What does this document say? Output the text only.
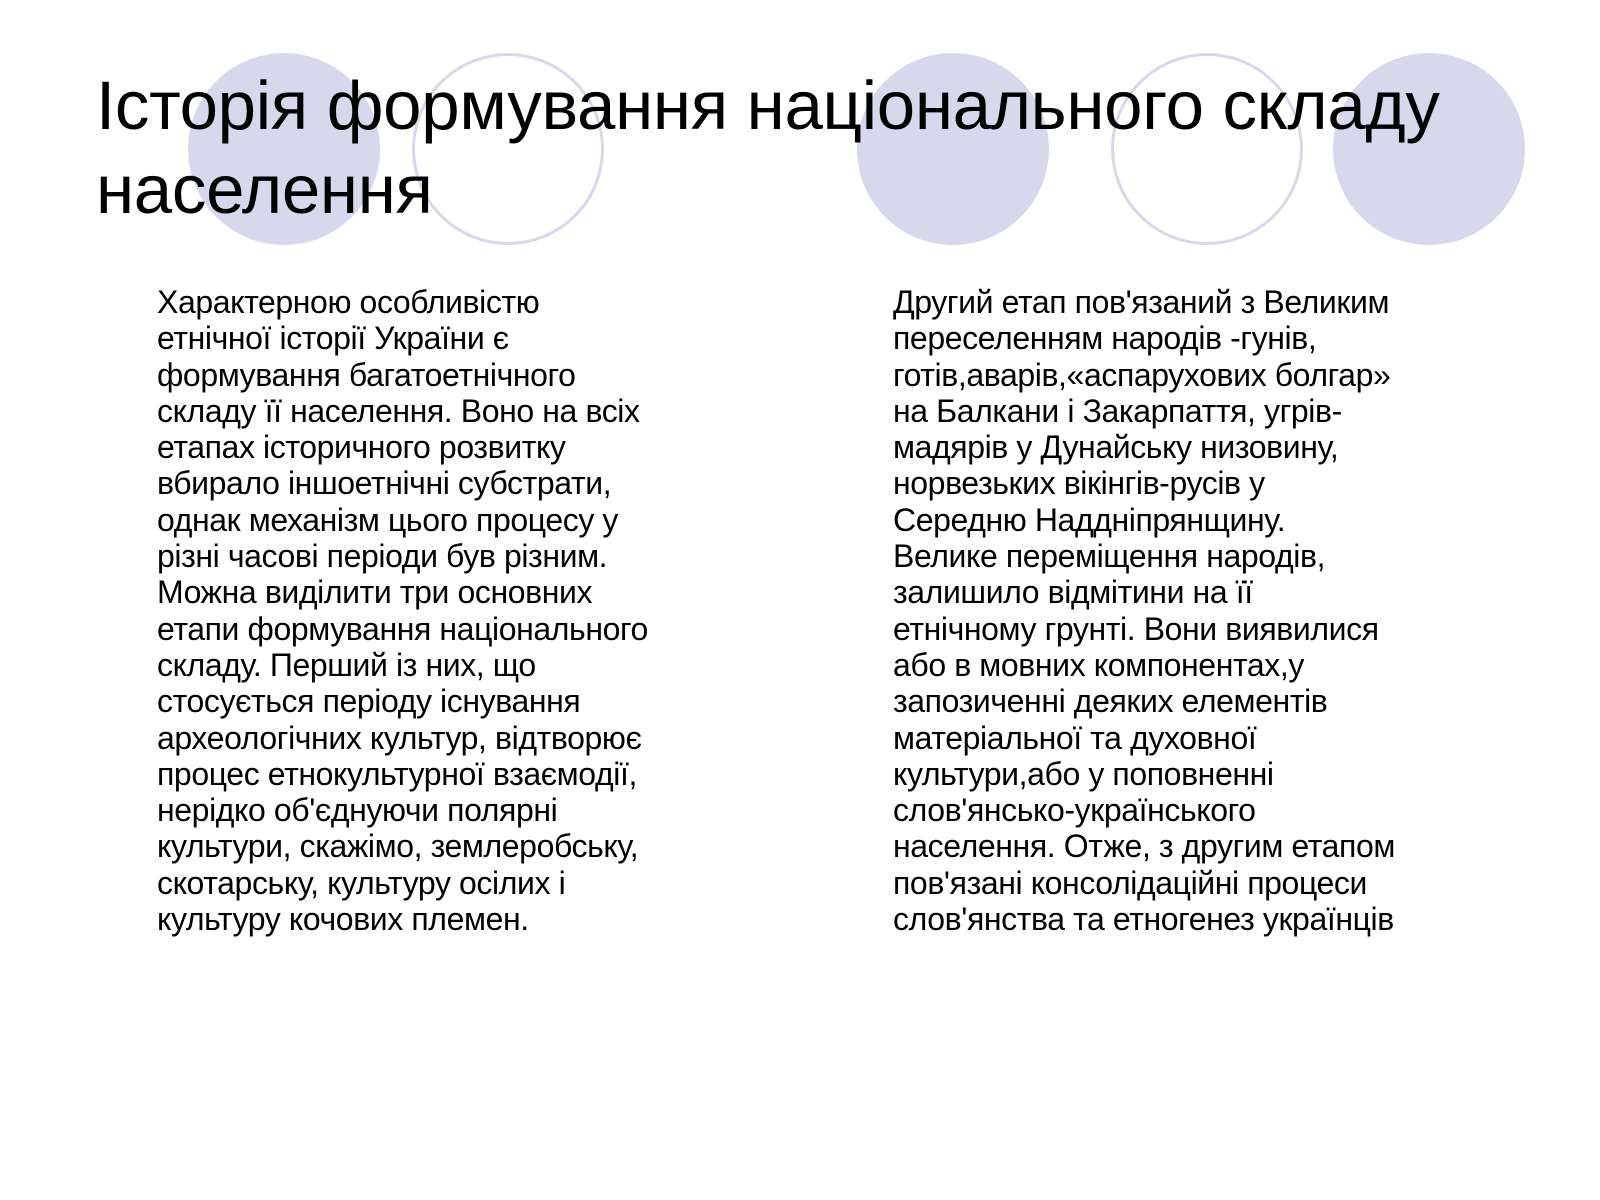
Історія формування національного складу населення

Характерною особливістю
етнічної історії України є
формування багатоетнічного
складу її населення. Воно на всіх
етапах історичного розвитку
вбирало іншоетнічні субстрати,
однак механізм цього процесу у
різні часові періоди був різним.
Можна виділити три основних
етапи формування національного
складу. Перший із них, що
стосується періоду існування
археологічних культур, відтворює
процес етнокультурної взаємодії,
нерідко об'єднуючи полярні
культури, скажімо, землеробську,
скотарську, культуру осілих і
культуру кочових племен.

Другий етап пов'язаний з Великим
переселенням народів -гунів,
готів,аварів,«аспарухових болгар»
на Балкани і Закарпаття, угрів-
мадярів у Дунайську низовину,
норвезьких вікінгів-русів у
Середню Наддніпрянщину.
Велике переміщення народів,
залишило відмітини на її
етнічному грунті. Вони виявилися
або в мовних компонентах,у
запозиченні деяких елементів
матеріальної та духовної
культури,або у поповненні
слов'янсько-українського
населення. Отже, з другим етапом
пов'язані консолідаційні процеси
слов'янства та етногенез українців
